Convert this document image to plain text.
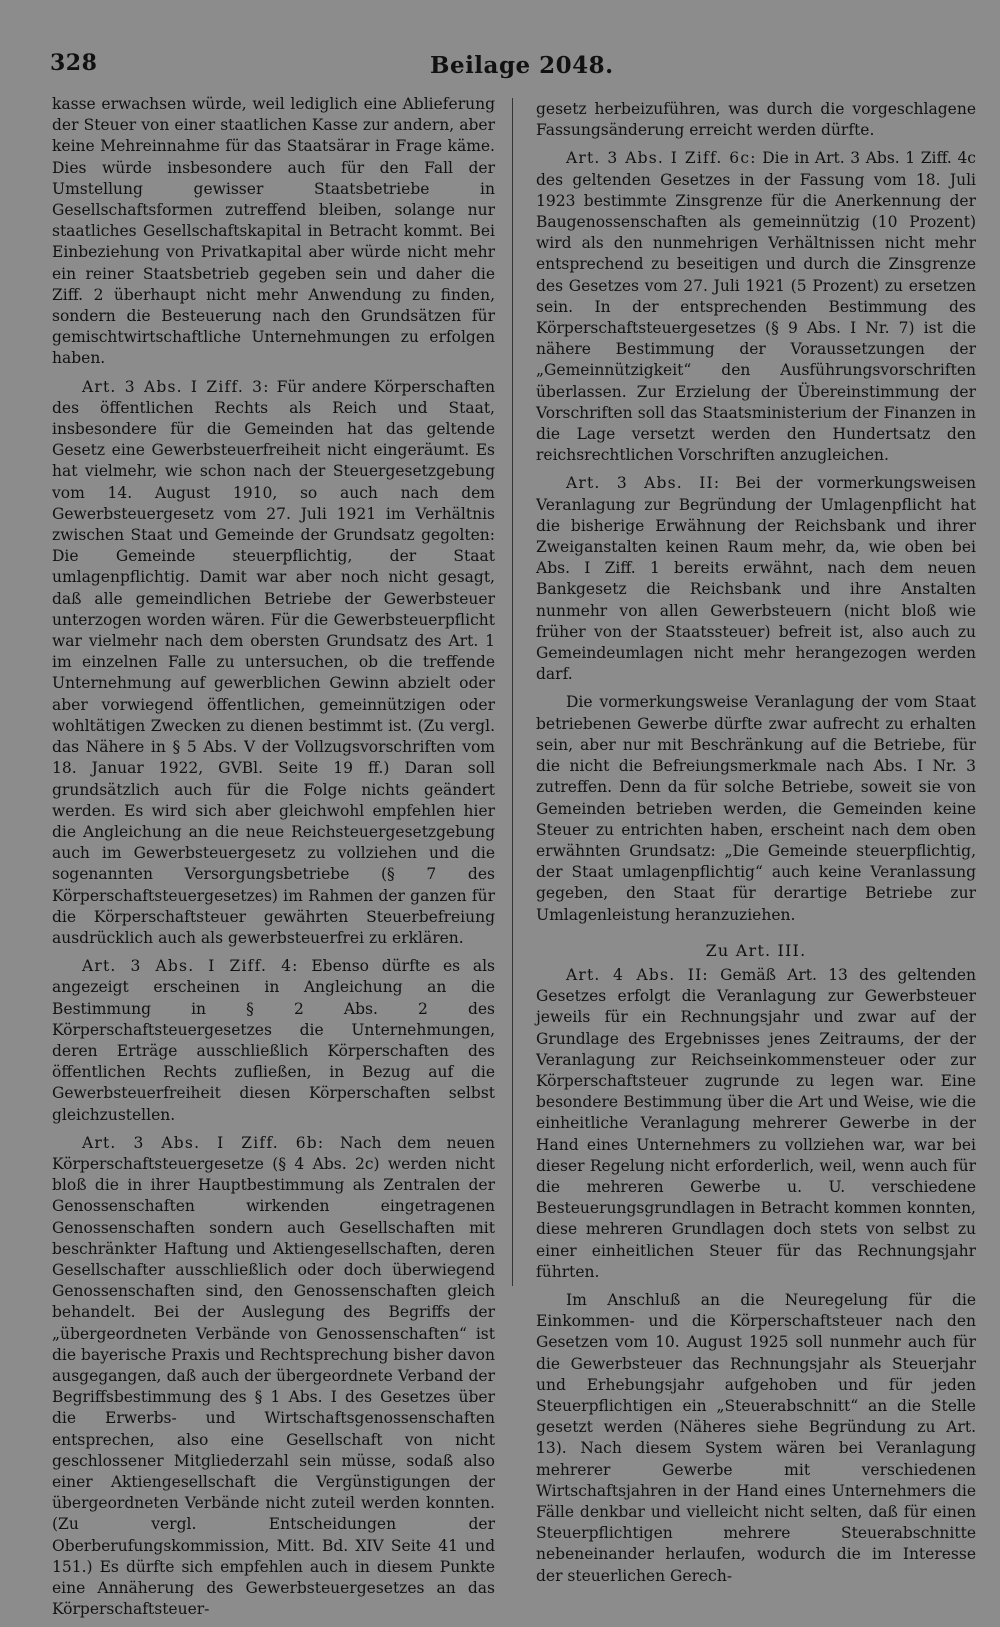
328	Beilage 2048.

kasse erwachsen würde, weil lediglich eine Ablieferung der Steuer von einer staatlichen Kasse zur andern, aber keine Mehreinnahme für das Staatsärar in Frage käme. Dies würde insbesondere auch für den Fall der Umstellung gewisser Staatsbetriebe in Gesellschaftsformen zutreffend bleiben, solange nur staatliches Gesellschaftskapital in Betracht kommt. Bei Einbeziehung von Privatkapital aber würde nicht mehr ein reiner Staatsbetrieb gegeben sein und daher die Ziff. 2 überhaupt nicht mehr Anwendung zu finden, sondern die Besteuerung nach den Grundsätzen für gemischtwirtschaftliche Unternehmungen zu erfolgen haben.

Art. 3 Abs. I Ziff. 3: Für andere Körperschaften des öffentlichen Rechts als Reich und Staat, insbesondere für die Gemeinden hat das geltende Gesetz eine Gewerbsteuerfreiheit nicht eingeräumt. Es hat vielmehr, wie schon nach der Steuergesetzgebung vom 14. August 1910, so auch nach dem Gewerbsteuergesetz vom 27. Juli 1921 im Verhältnis zwischen Staat und Gemeinde der Grundsatz gegolten: Die Gemeinde steuerpflichtig, der Staat umlagenpflichtig. Damit war aber noch nicht gesagt, daß alle gemeindlichen Betriebe der Gewerbsteuer unterzogen worden wären. Für die Gewerbsteuerpflicht war vielmehr nach dem obersten Grundsatz des Art. 1 im einzelnen Falle zu untersuchen, ob die treffende Unternehmung auf gewerblichen Gewinn abzielt oder aber vorwiegend öffentlichen, gemeinnützigen oder wohltätigen Zwecken zu dienen bestimmt ist. (Zu vergl. das Nähere in § 5 Abs. V der Vollzugsvorschriften vom 18. Januar 1922, GVBl. Seite 19 ff.) Daran soll grundsätzlich auch für die Folge nichts geändert werden. Es wird sich aber gleichwohl empfehlen hier die Angleichung an die neue Reichsteuergesetzgebung auch im Gewerbsteuergesetz zu vollziehen und die sogenannten Versorgungsbetriebe (§ 7 des Körperschaftsteuergesetzes) im Rahmen der ganzen für die Körperschaftsteuer gewährten Steuerbefreiung ausdrücklich auch als gewerbsteuerfrei zu erklären.

Art. 3 Abs. I Ziff. 4: Ebenso dürfte es als angezeigt erscheinen in Angleichung an die Bestimmung in § 2 Abs. 2 des Körperschaftsteuergesetzes die Unternehmungen, deren Erträge ausschließlich Körperschaften des öffentlichen Rechts zufließen, in Bezug auf die Gewerbsteuerfreiheit diesen Körperschaften selbst gleichzustellen.

Art. 3 Abs. I Ziff. 6b: Nach dem neuen Körperschaftsteuergesetze (§ 4 Abs. 2c) werden nicht bloß die in ihrer Hauptbestimmung als Zentralen der Genossenschaften wirkenden eingetragenen Genossenschaften sondern auch Gesellschaften mit beschränkter Haftung und Aktiengesellschaften, deren Gesellschafter ausschließlich oder doch überwiegend Genossenschaften sind, den Genossenschaften gleich behandelt. Bei der Auslegung des Begriffs der „übergeordneten Verbände von Genossenschaften“ ist die bayerische Praxis und Rechtsprechung bisher davon ausgegangen, daß auch der übergeordnete Verband der Begriffsbestimmung des § 1 Abs. I des Gesetzes über die Erwerbs- und Wirtschaftsgenossenschaften entsprechen, also eine Gesellschaft von nicht geschlossener Mitgliederzahl sein müsse, sodaß also einer Aktiengesellschaft die Vergünstigungen der übergeordneten Verbände nicht zuteil werden konnten. (Zu vergl. Entscheidungen der Oberberufungskommission, Mitt. Bd. XIV Seite 41 und 151.) Es dürfte sich empfehlen auch in diesem Punkte eine Annäherung des Gewerbsteuergesetzes an das Körperschaftsteuer-

gesetz herbeizuführen, was durch die vorgeschlagene Fassungsänderung erreicht werden dürfte.

Art. 3 Abs. I Ziff. 6c: Die in Art. 3 Abs. 1 Ziff. 4c des geltenden Gesetzes in der Fassung vom 18. Juli 1923 bestimmte Zinsgrenze für die Anerkennung der Baugenossenschaften als gemeinnützig (10 Prozent) wird als den nunmehrigen Verhältnissen nicht mehr entsprechend zu beseitigen und durch die Zinsgrenze des Gesetzes vom 27. Juli 1921 (5 Prozent) zu ersetzen sein. In der entsprechenden Bestimmung des Körperschaftsteuergesetzes (§ 9 Abs. I Nr. 7) ist die nähere Bestimmung der Voraussetzungen der „Gemeinnützigkeit“ den Ausführungsvorschriften überlassen. Zur Erzielung der Übereinstimmung der Vorschriften soll das Staatsministerium der Finanzen in die Lage versetzt werden den Hundertsatz den reichsrechtlichen Vorschriften anzugleichen.

Art. 3 Abs. II: Bei der vormerkungsweisen Veranlagung zur Begründung der Umlagenpflicht hat die bisherige Erwähnung der Reichsbank und ihrer Zweiganstalten keinen Raum mehr, da, wie oben bei Abs. I Ziff. 1 bereits erwähnt, nach dem neuen Bankgesetz die Reichsbank und ihre Anstalten nunmehr von allen Gewerbsteuern (nicht bloß wie früher von der Staatssteuer) befreit ist, also auch zu Gemeindeumlagen nicht mehr herangezogen werden darf.

Die vormerkungsweise Veranlagung der vom Staat betriebenen Gewerbe dürfte zwar aufrecht zu erhalten sein, aber nur mit Beschränkung auf die Betriebe, für die nicht die Befreiungsmerkmale nach Abs. I Nr. 3 zutreffen. Denn da für solche Betriebe, soweit sie von Gemeinden betrieben werden, die Gemeinden keine Steuer zu entrichten haben, erscheint nach dem oben erwähnten Grundsatz: „Die Gemeinde steuerpflichtig, der Staat umlagenpflichtig“ auch keine Veranlassung gegeben, den Staat für derartige Betriebe zur Umlagenleistung heranzuziehen.

Zu Art. III.

Art. 4 Abs. II: Gemäß Art. 13 des geltenden Gesetzes erfolgt die Veranlagung zur Gewerbsteuer jeweils für ein Rechnungsjahr und zwar auf der Grundlage des Ergebnisses jenes Zeitraums, der der Veranlagung zur Reichseinkommensteuer oder zur Körperschaftsteuer zugrunde zu legen war. Eine besondere Bestimmung über die Art und Weise, wie die einheitliche Veranlagung mehrerer Gewerbe in der Hand eines Unternehmers zu vollziehen war, war bei dieser Regelung nicht erforderlich, weil, wenn auch für die mehreren Gewerbe u. U. verschiedene Besteuerungsgrundlagen in Betracht kommen konnten, diese mehreren Grundlagen doch stets von selbst zu einer einheitlichen Steuer für das Rechnungsjahr führten.

Im Anschluß an die Neuregelung für die Einkommen- und die Körperschaftsteuer nach den Gesetzen vom 10. August 1925 soll nunmehr auch für die Gewerbsteuer das Rechnungsjahr als Steuerjahr und Erhebungsjahr aufgehoben und für jeden Steuerpflichtigen ein „Steuerabschnitt“ an die Stelle gesetzt werden (Näheres siehe Begründung zu Art. 13). Nach diesem System wären bei Veranlagung mehrerer Gewerbe mit verschiedenen Wirtschaftsjahren in der Hand eines Unternehmers die Fälle denkbar und vielleicht nicht selten, daß für einen Steuerpflichtigen mehrere Steuerabschnitte nebeneinander herlaufen, wodurch die im Interesse der steuerlichen Gerech-
